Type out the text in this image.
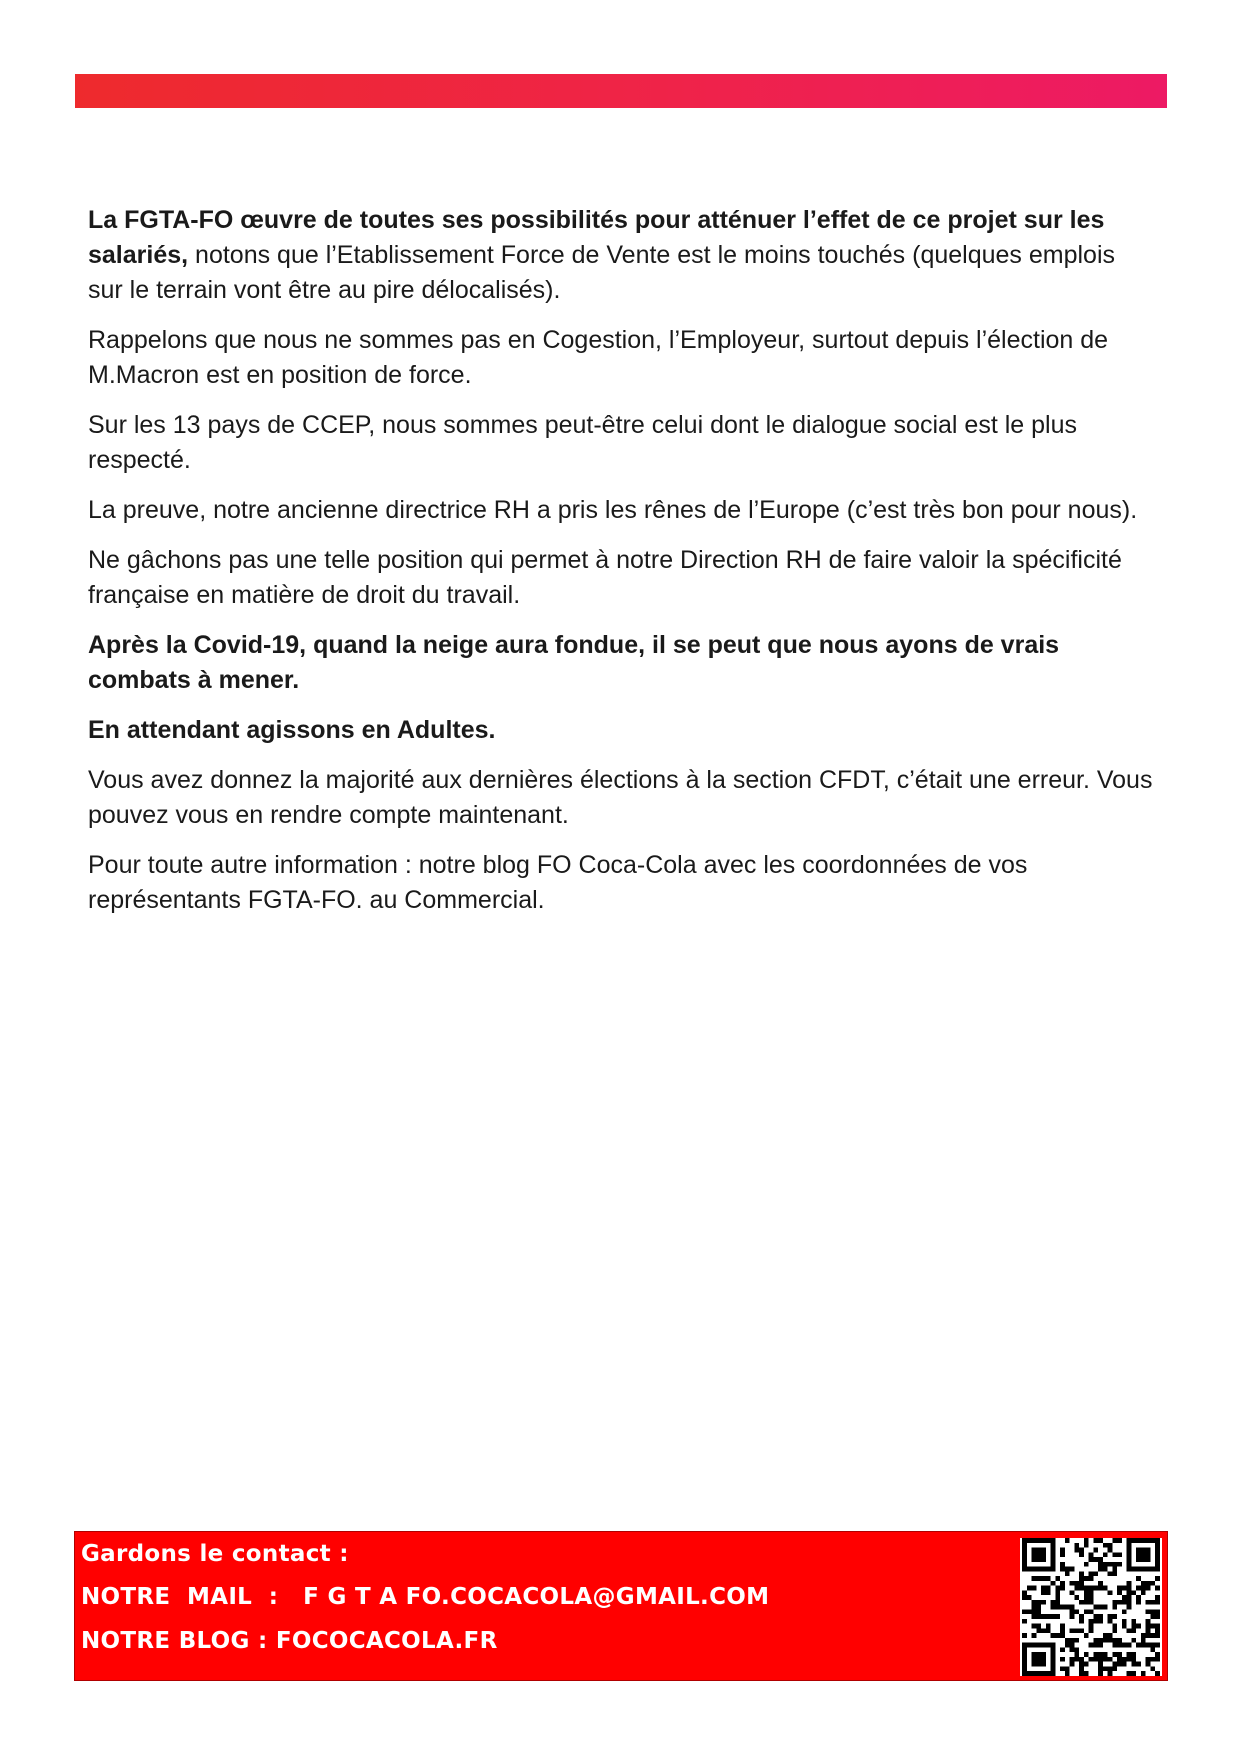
La FGTA-FO œuvre de toutes ses possibilités pour atténuer l’effet de ce projet sur les salariés, notons que l’Etablissement Force de Vente est le moins touchés (quelques emplois sur le terrain vont être au pire délocalisés).

Rappelons que nous ne sommes pas en Cogestion, l’Employeur, surtout depuis l’élection de M.Macron est en position de force.

Sur les 13 pays de CCEP, nous sommes peut-être celui dont le dialogue social est le plus respecté.

La preuve, notre ancienne directrice RH a pris les rênes de l’Europe (c’est très bon pour nous).

Ne gâchons pas une telle position qui permet à notre Direction RH de faire valoir la spécificité française en matière de droit du travail.

Après la Covid-19, quand la neige aura fondue, il se peut que nous ayons de vrais combats à mener.

En attendant agissons en Adultes.

Vous avez donnez la majorité aux dernières élections à la section CFDT, c’était une erreur. Vous pouvez vous en rendre compte maintenant.

Pour toute autre information : notre blog FO Coca-Cola avec les coordonnées de vos représentants FGTA-FO. au Commercial.

Gardons le contact :
NOTRE  MAIL  :   F G T A FO.COCACOLA@GMAIL.COM
NOTRE BLOG : FOCOCACOLA.FR
